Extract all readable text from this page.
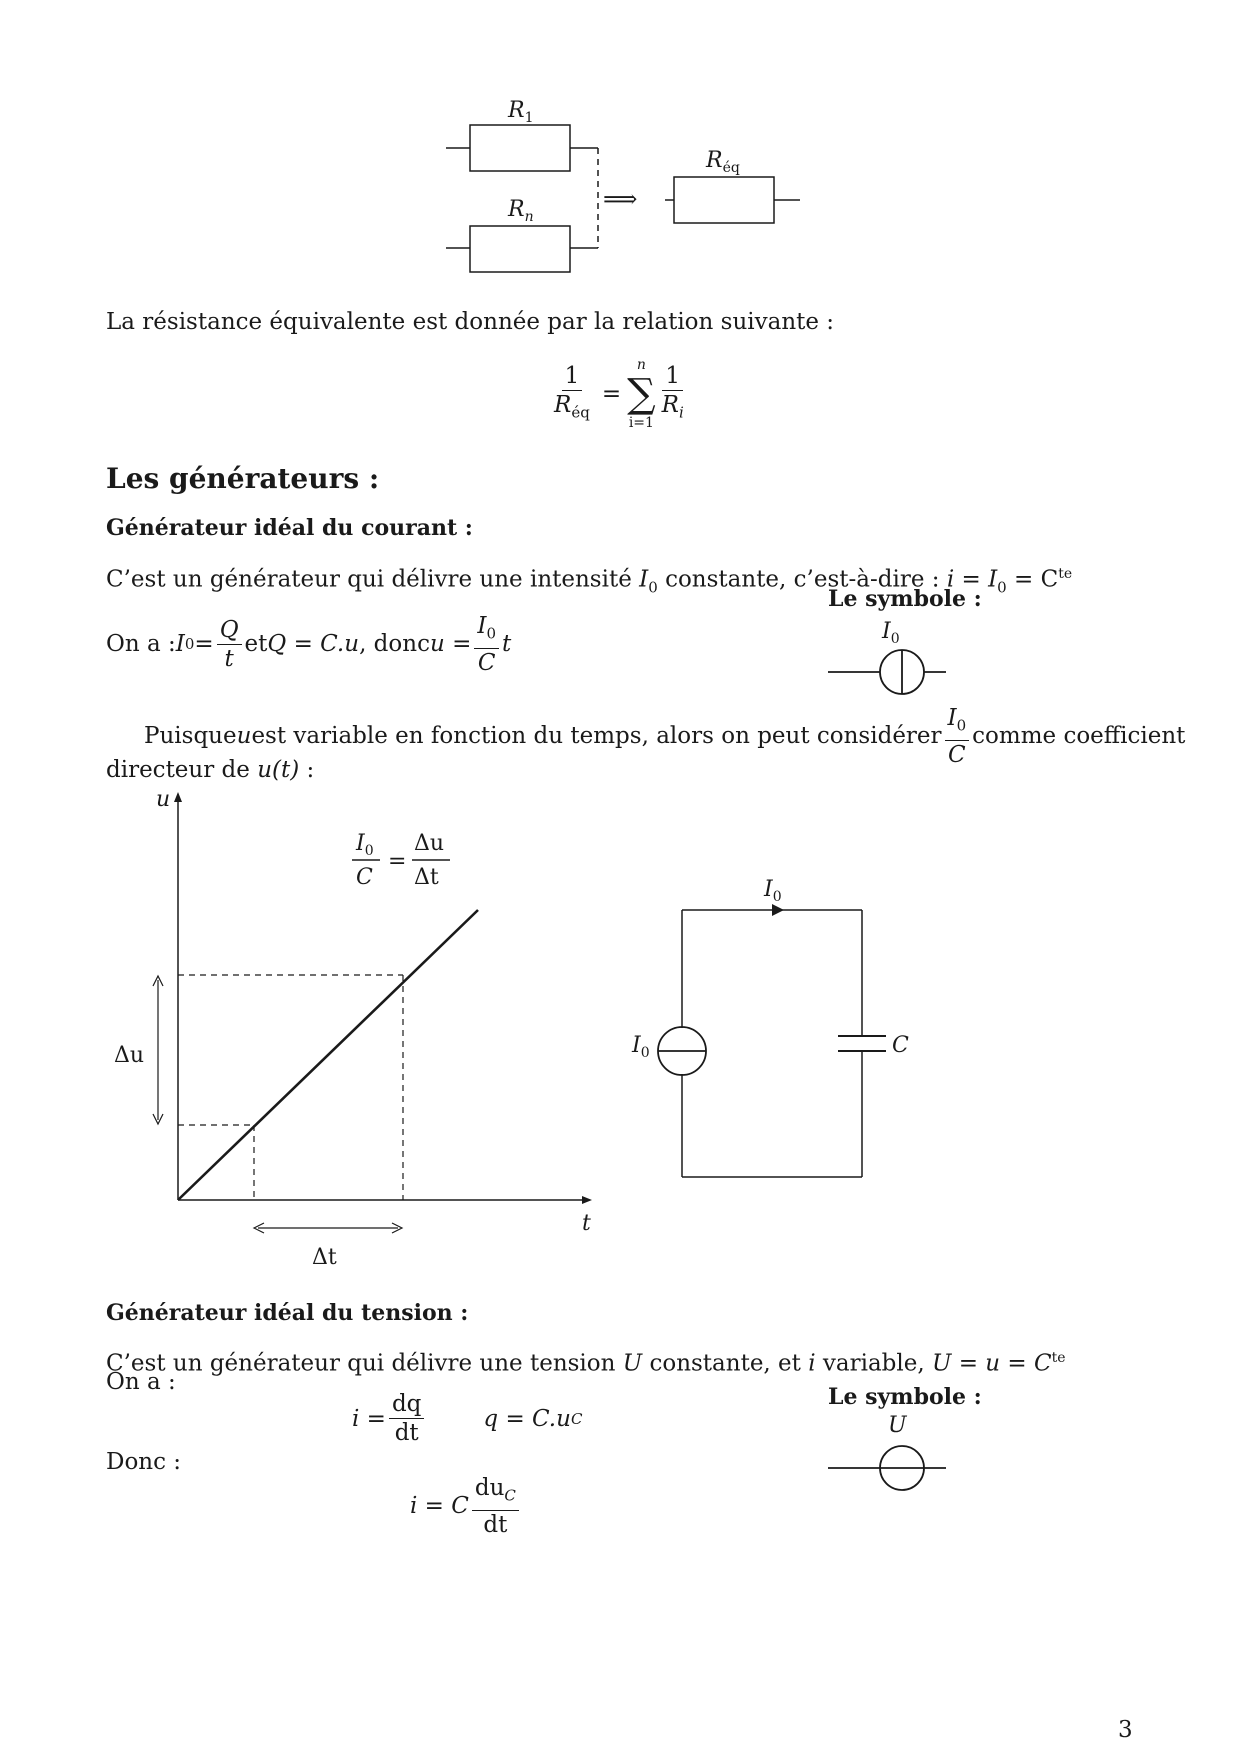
$R_1$
$R_n$
$R_{éq}$
⟹
La résistance équivalente est donnée par la relation suivante :
$\frac{1}{R_{éq}}$ =
n
∑
$i=1 \frac{1}{R_i}$
Les générateurs :
Générateur idéal du courant :
C’est un générateur qui délivre une intensité $I_0$ constante, c’est-à-dire : $i = I_0 = C^{te}$
Le symbole :
On a : I $0 = \frac{Q}{t}$ et Q = C.u , donc $u = \frac{I_0}{C}$ t	$I_0$
Puisque u est variable en fonction du temps, alors on peut considérer $\frac{I_0}{C}$ comme coefficient
directeur de u(t) :
u
t
Δu
Δt
$I_0$
C
=
Δu
Δt	$I_0$
$I_0$	C
Générateur idéal du tension :
C’est un générateur qui délivre une tension U constante, et i variable, $U = u = C^{te}$
On a :
$i = \frac{dq}{dt}$	q = C.u C
Le symbole :
U
Donc :
i = C $\frac{du_C}{dt}$
3
